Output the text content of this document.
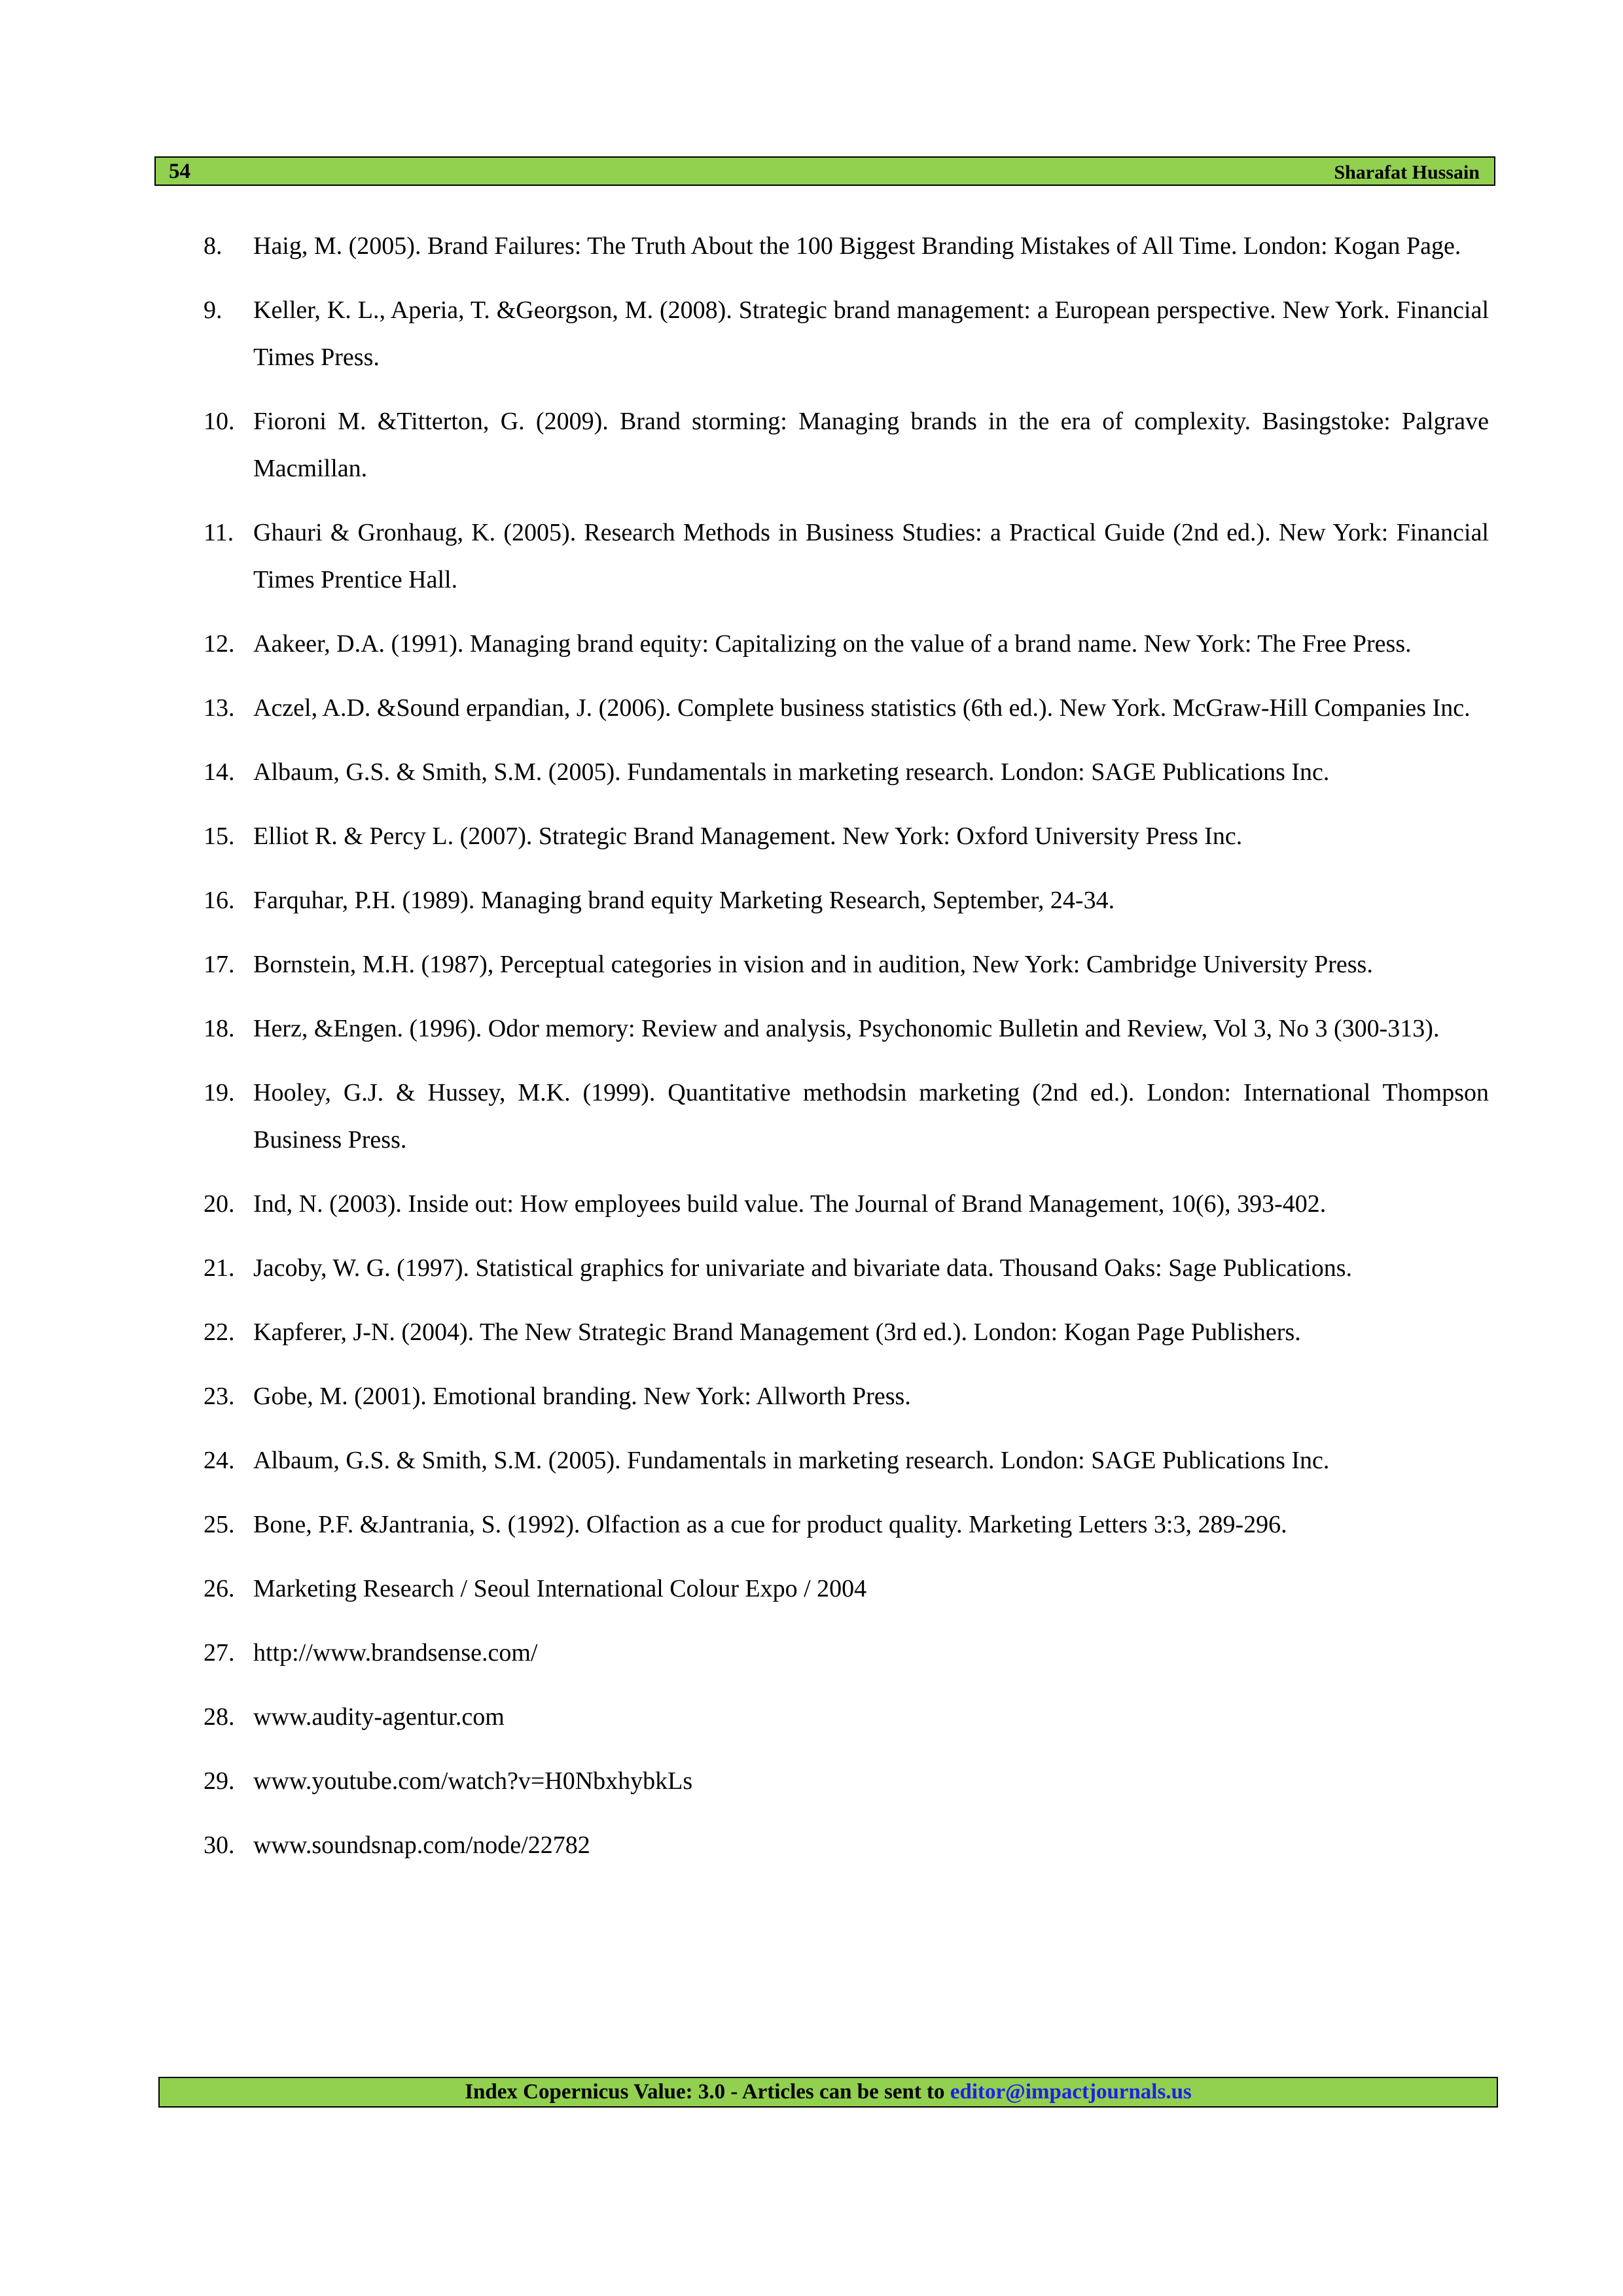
54	Sharafat Hussain
8. Haig, M. (2005). Brand Failures: The Truth About the 100 Biggest Branding Mistakes of All Time. London: Kogan Page.
9. Keller, K. L., Aperia, T. &Georgson, M. (2008). Strategic brand management: a European perspective. New York. Financial Times Press.
10. Fioroni M. &Titterton, G. (2009). Brand storming: Managing brands in the era of complexity. Basingstoke: Palgrave Macmillan.
11. Ghauri & Gronhaug, K. (2005). Research Methods in Business Studies: a Practical Guide (2nd ed.). New York: Financial Times Prentice Hall.
12. Aakeer, D.A. (1991). Managing brand equity: Capitalizing on the value of a brand name. New York: The Free Press.
13. Aczel, A.D. &Sound erpandian, J. (2006). Complete business statistics (6th ed.). New York. McGraw-Hill Companies Inc.
14. Albaum, G.S. & Smith, S.M. (2005). Fundamentals in marketing research. London: SAGE Publications Inc.
15. Elliot R. & Percy L. (2007). Strategic Brand Management. New York: Oxford University Press Inc.
16. Farquhar, P.H. (1989). Managing brand equity Marketing Research, September, 24-34.
17. Bornstein, M.H. (1987), Perceptual categories in vision and in audition, New York: Cambridge University Press.
18. Herz, &Engen. (1996). Odor memory: Review and analysis, Psychonomic Bulletin and Review, Vol 3, No 3 (300-313).
19. Hooley, G.J. & Hussey, M.K. (1999). Quantitative methodsin marketing (2nd ed.). London: International Thompson Business Press.
20. Ind, N. (2003). Inside out: How employees build value. The Journal of Brand Management, 10(6), 393-402.
21. Jacoby, W. G. (1997). Statistical graphics for univariate and bivariate data. Thousand Oaks: Sage Publications.
22. Kapferer, J-N. (2004). The New Strategic Brand Management (3rd ed.). London: Kogan Page Publishers.
23. Gobe, M. (2001). Emotional branding. New York: Allworth Press.
24. Albaum, G.S. & Smith, S.M. (2005). Fundamentals in marketing research. London: SAGE Publications Inc.
25. Bone, P.F. &Jantrania, S. (1992). Olfaction as a cue for product quality. Marketing Letters 3:3, 289-296.
26. Marketing Research / Seoul International Colour Expo / 2004
27. http://www.brandsense.com/
28. www.audity-agentur.com
29. www.youtube.com/watch?v=H0NbxhybkLs
30. www.soundsnap.com/node/22782
Index Copernicus Value: 3.0 - Articles can be sent to editor@impactjournals.us
